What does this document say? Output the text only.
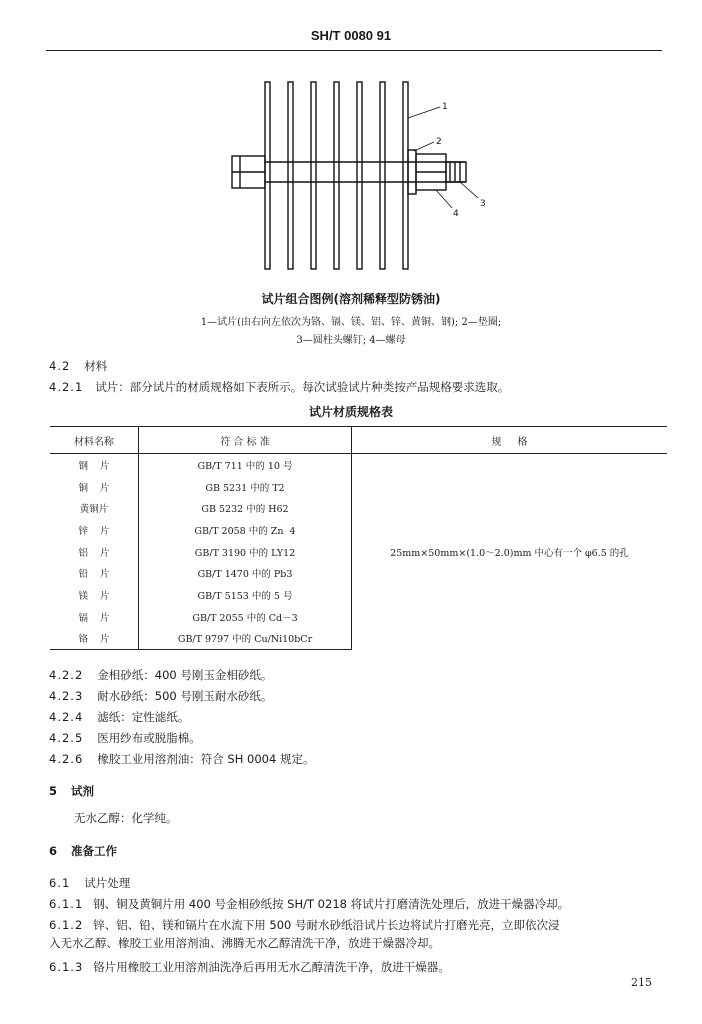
SH/T 0080 91
1
2
3
4
试片组合图例(溶剂稀释型防锈油)
1—试片(由右向左依次为铬、镉、镁、铝、锌、黄铜、钢); 2—垫圈;
3—圆柱头螺钉; 4—螺母
4.2 材料
4.2.1 试片：部分试片的材质规格如下表所示。每次试验试片种类按产品规格要求选取。
试片材质规格表
材料名称	符 合 标 准	规     格
钢    片	GB/T 711 中的 10 号	25mm×50mm×(1.0～2.0)mm 中心有一个 φ6.5 的孔
铜    片	GB 5231 中的 T2	
黄铜片	GB 5232 中的 H62	
锌    片	GB/T 2058 中的 Zn  4	
铝    片	GB/T 3190 中的 LY12	
铅    片	GB/T 1470 中的 Pb3	
镁    片	GB/T 5153 中的 5 号	
镉    片	GB/T 2055 中的 Cd－3	
铬    片	GB/T 9797 中的 Cu/Ni10bCr	
4.2.2 金相砂纸：400 号刚玉金相砂纸。
4.2.3 耐水砂纸：500 号刚玉耐水砂纸。
4.2.4 滤纸：定性滤纸。
4.2.5 医用纱布或脱脂棉。
4.2.6 橡胶工业用溶剂油：符合 SH 0004 规定。
5 试剂
无水乙醇：化学纯。
6 准备工作
6.1 试片处理
6.1.1 钢、铜及黄铜片用 400 号金相砂纸按 SH/T 0218 将试片打磨清洗处理后，放进干燥器冷却。
6.1.2 锌、铝、铅、镁和镉片在水流下用 500 号耐水砂纸沿试片长边将试片打磨光亮，立即依次浸
入无水乙醇、橡胶工业用溶剂油、沸腾无水乙醇清洗干净，放进干燥器冷却。
6.1.3 铬片用橡胶工业用溶剂油洗净后再用无水乙醇清洗干净，放进干燥器。
215
